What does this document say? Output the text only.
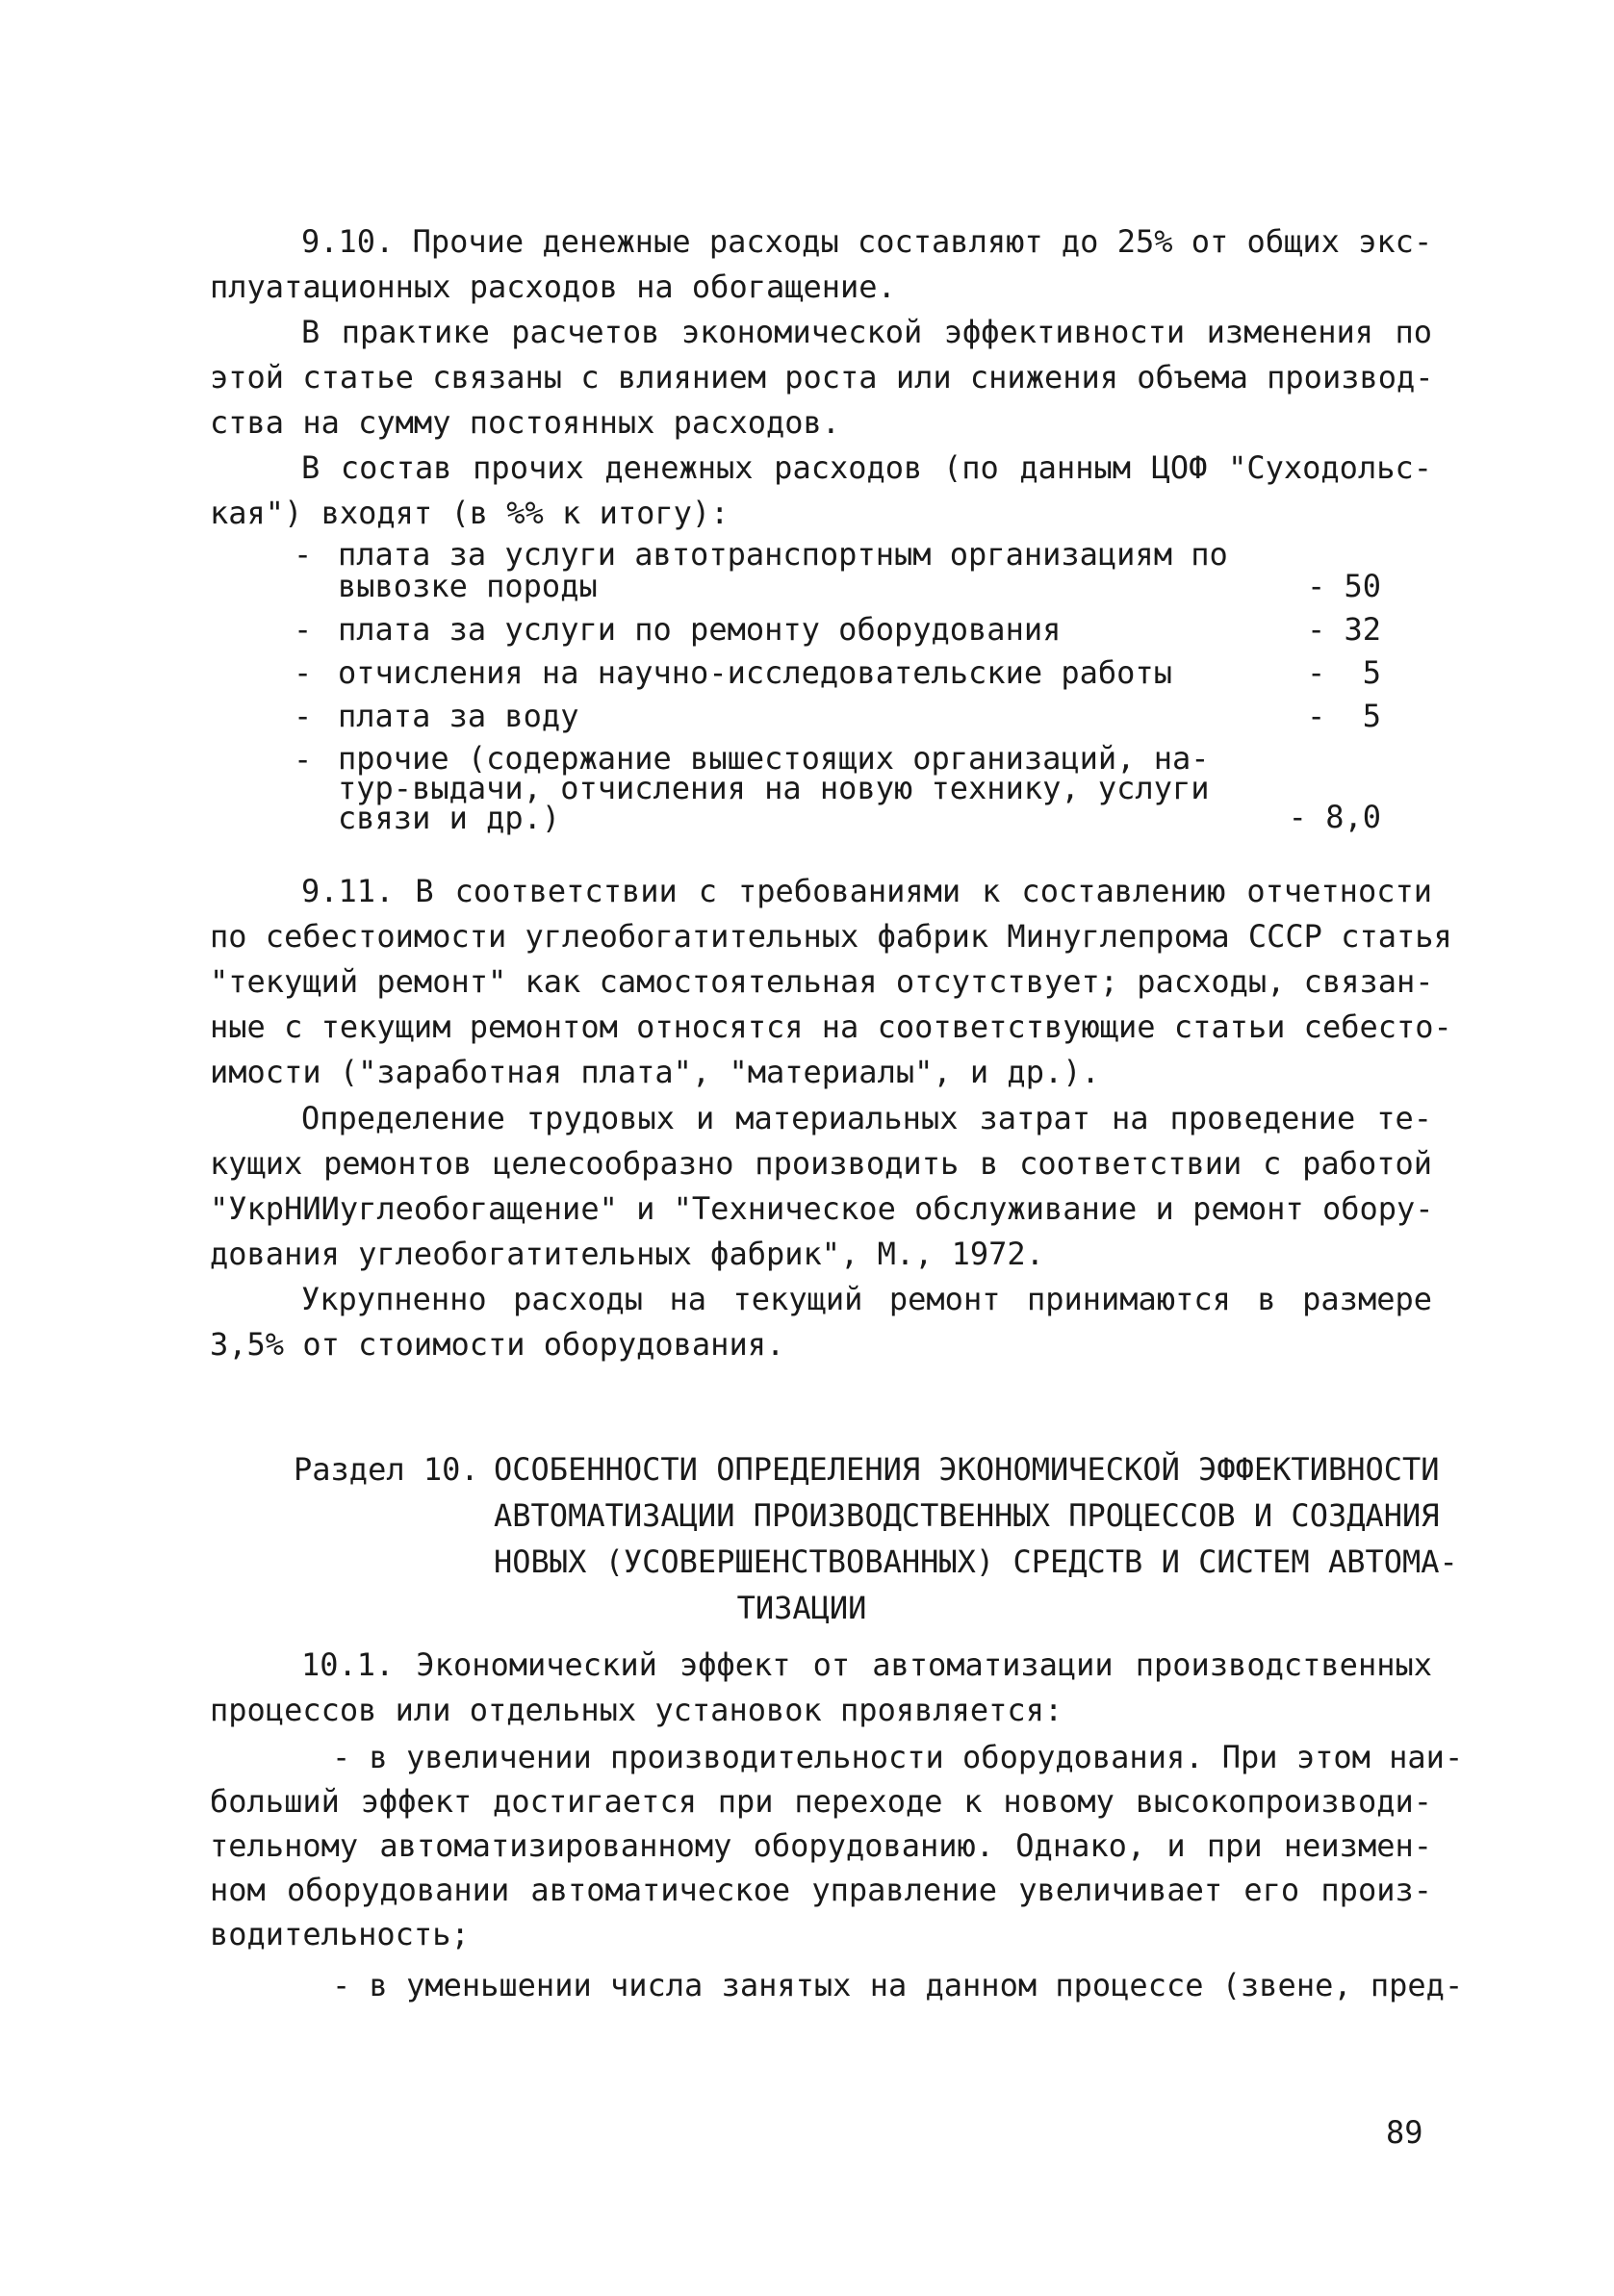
9.10. Прочие денежные расходы составляют до 25% от общих экс-
плуатационных расходов на обогащение.
В практике расчетов экономической эффективности изменения по
этой статье связаны с влиянием роста или снижения объема производ-
ства на сумму постоянных расходов.
В состав прочих денежных расходов (по данным ЦОФ "Суходольс-
кая") входят (в %% к итогу):
- плата за услуги автотранспортным организациям по вывозке породы	- 50
- плата за услуги по ремонту оборудования	- 32
- отчисления на научно-исследовательские работы	-  5
- плата за воду	-  5
- прочие (содержание вышестоящих организаций, на-тур-выдачи, отчисления на новую технику, услуги связи и др.)	- 8,0
9.11. В соответствии с требованиями к составлению отчетности
по себестоимости углеобогатительных фабрик Минуглепрома СССР статья
"текущий ремонт" как самостоятельная отсутствует; расходы, связан-
ные с текущим ремонтом относятся на соответствующие статьи себесто-
имости ("заработная плата", "материалы", и др.).
Определение трудовых и материальных затрат на проведение те-
кущих ремонтов целесообразно производить в соответствии с работой
"УкрНИИуглеобогащение" и "Техническое обслуживание и ремонт обору-
дования углеобогатительных фабрик", М., 1972.
Укрупненно расходы на текущий ремонт принимаются в размере
3,5% от стоимости оборудования.
Раздел 10. ОСОБЕННОСТИ ОПРЕДЕЛЕНИЯ ЭКОНОМИЧЕСКОЙ ЭФФЕКТИВНОСТИ
АВТОМАТИЗАЦИИ ПРОИЗВОДСТВЕННЫХ ПРОЦЕССОВ И СОЗДАНИЯ
НОВЫХ (УСОВЕРШЕНСТВОВАННЫХ) СРЕДСТВ И СИСТЕМ АВТОМА-
ТИЗАЦИИ
10.1. Экономический эффект от автоматизации производственных
процессов или отдельных установок проявляется:
- в увеличении производительности оборудования. При этом наи-
больший эффект достигается при переходе к новому высокопроизводи-
тельному автоматизированному оборудованию. Однако, и при неизмен-
ном оборудовании автоматическое управление увеличивает его произ-
водительность;
- в уменьшении числа занятых на данном процессе (звене, пред-
89
